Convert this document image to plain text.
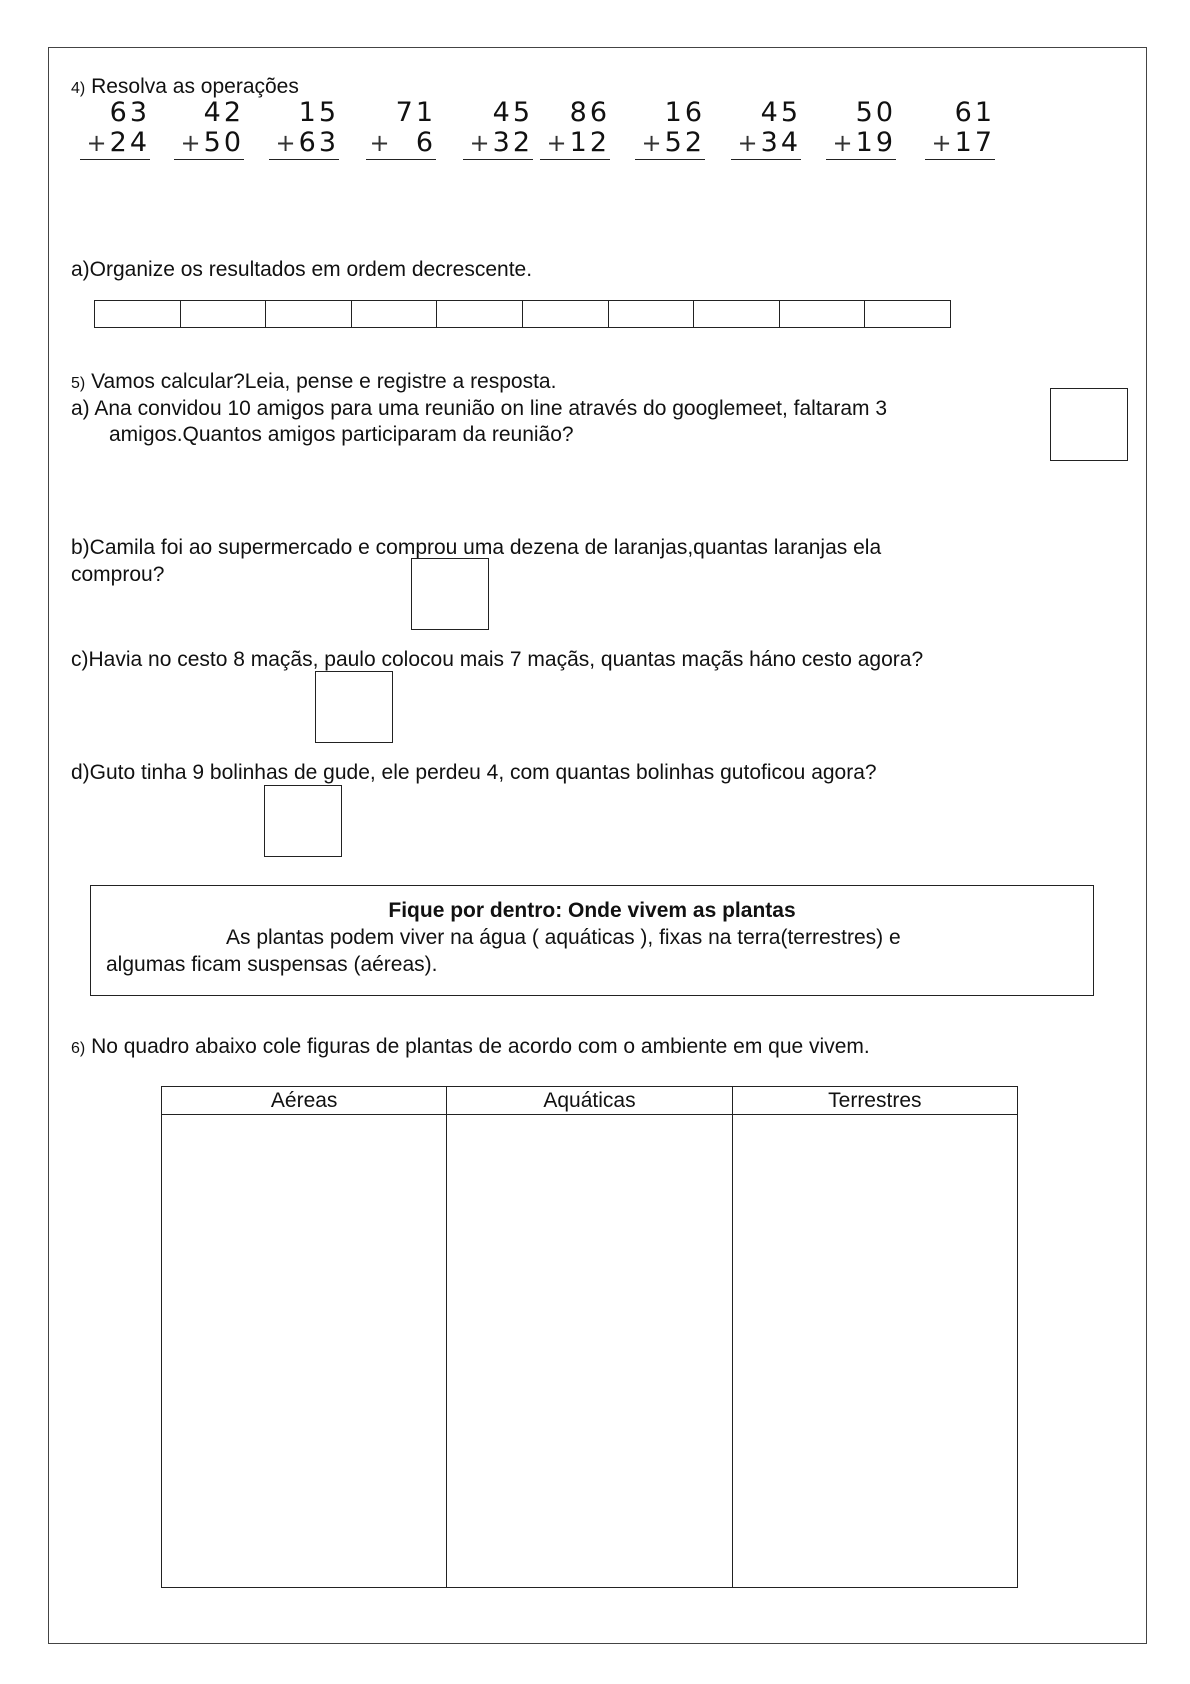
4) Resolva as operações
63
+24
42
+50
15
+63
71
+ 6
45
+32
86
+12
16
+52
45
+34
50
+19
61
+17
a)Organize os resultados em ordem decrescente.
5) Vamos calcular?Leia, pense e registre a resposta.
a) Ana convidou 10 amigos para uma reunião on line através do googlemeet, faltaram 3
amigos.Quantos amigos participaram da reunião?
b)Camila foi ao supermercado e comprou uma dezena de laranjas,quantas laranjas ela
comprou?
c)Havia no cesto 8 maçãs, paulo colocou mais 7 maçãs, quantas maçãs háno cesto agora?
d)Guto tinha 9 bolinhas de gude, ele perdeu 4, com quantas bolinhas gutoficou agora?
Fique por dentro: Onde vivem as plantas
As plantas podem viver na água ( aquáticas ), fixas na terra(terrestres) e
algumas ficam suspensas (aéreas).
6) No quadro abaixo cole figuras de plantas de acordo com o ambiente em que vivem.
Aéreas	Aquáticas	Terrestres
